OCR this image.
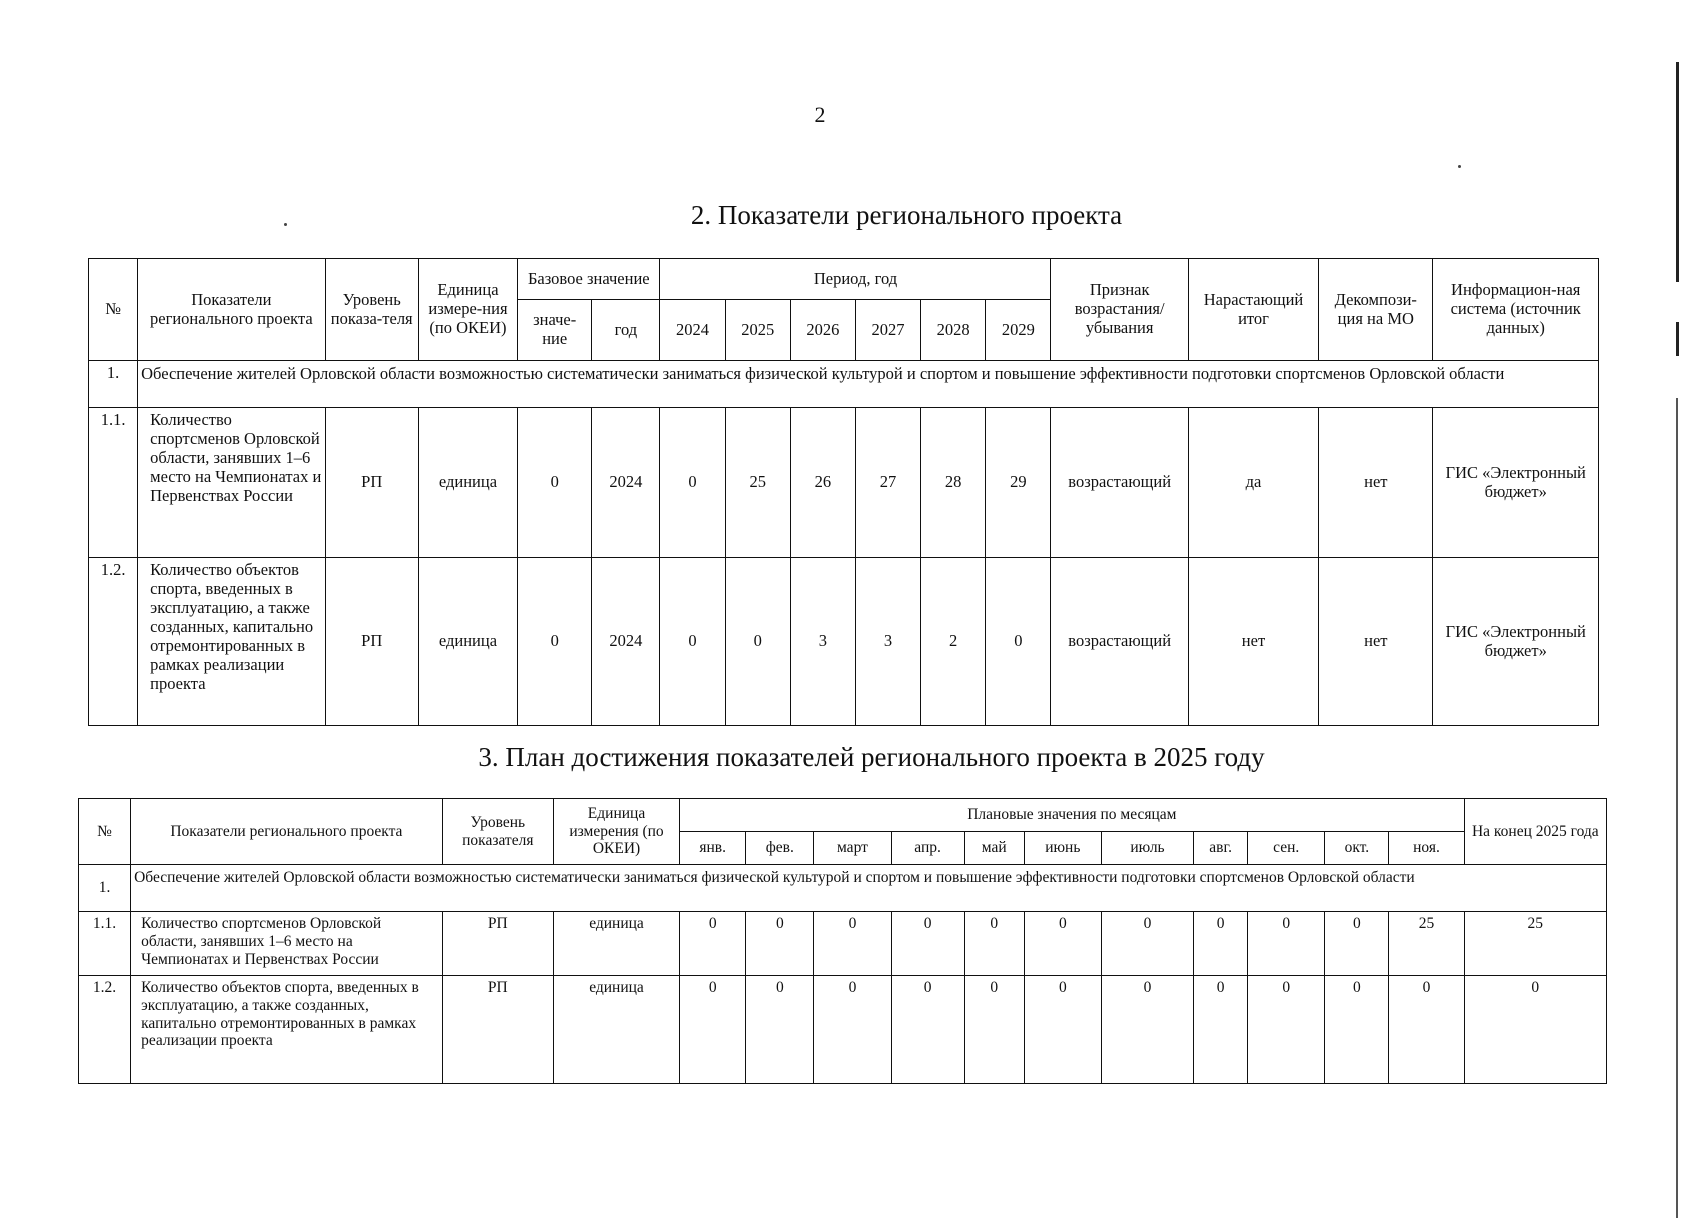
2
2. Показатели регионального проекта
№	Показатели регионального проекта	Уровень показа-теля	Единица измере-ния (по ОКЕИ)	Базовое значение		Период, год						Признак возрастания/ убывания	Нарастающий итог	Декомпози-ция на МО	Информацион-ная система (источник данных)
				значе-ние	год	2024	2025	2026	2027	2028	2029				
1.	Обеспечение жителей Орловской области возможностью систематически заниматься физической культурой и спортом и повышение эффективности подготовки спортсменов Орловской области														
1.1.	Количество спортсменов Орловской области, занявших 1–6 место на Чемпионатах и Первенствах России	РП	единица	0	2024	0	25	26	27	28	29	возрастающий	да	нет	ГИС «Электронный бюджет»
1.2.	Количество объектов спорта, введенных в эксплуатацию, а также созданных, капитально отремонтированных в рамках реализации проекта	РП	единица	0	2024	0	0	3	3	2	0	возрастающий	нет	нет	ГИС «Электронный бюджет»
3. План достижения показателей регионального проекта в 2025 году
№	Показатели регионального проекта	Уровень показателя	Единица измерения (по ОКЕИ)	Плановые значения по месяцам											На конец 2025 года
				янв.	фев.	март	апр.	май	июнь	июль	авг.	сен.	окт.	ноя.	
1.	Обеспечение жителей Орловской области возможностью систематически заниматься физической культурой и спортом и повышение эффективности подготовки спортсменов Орловской области														
1.1.	Количество спортсменов Орловской области, занявших 1–6 место на Чемпионатах и Первенствах России	РП	единица	0	0	0	0	0	0	0	0	0	0	25	25
1.2.	Количество объектов спорта, введенных в эксплуатацию, а также созданных, капитально отремонтированных в рамках реализации проекта	РП	единица	0	0	0	0	0	0	0	0	0	0	0	0
